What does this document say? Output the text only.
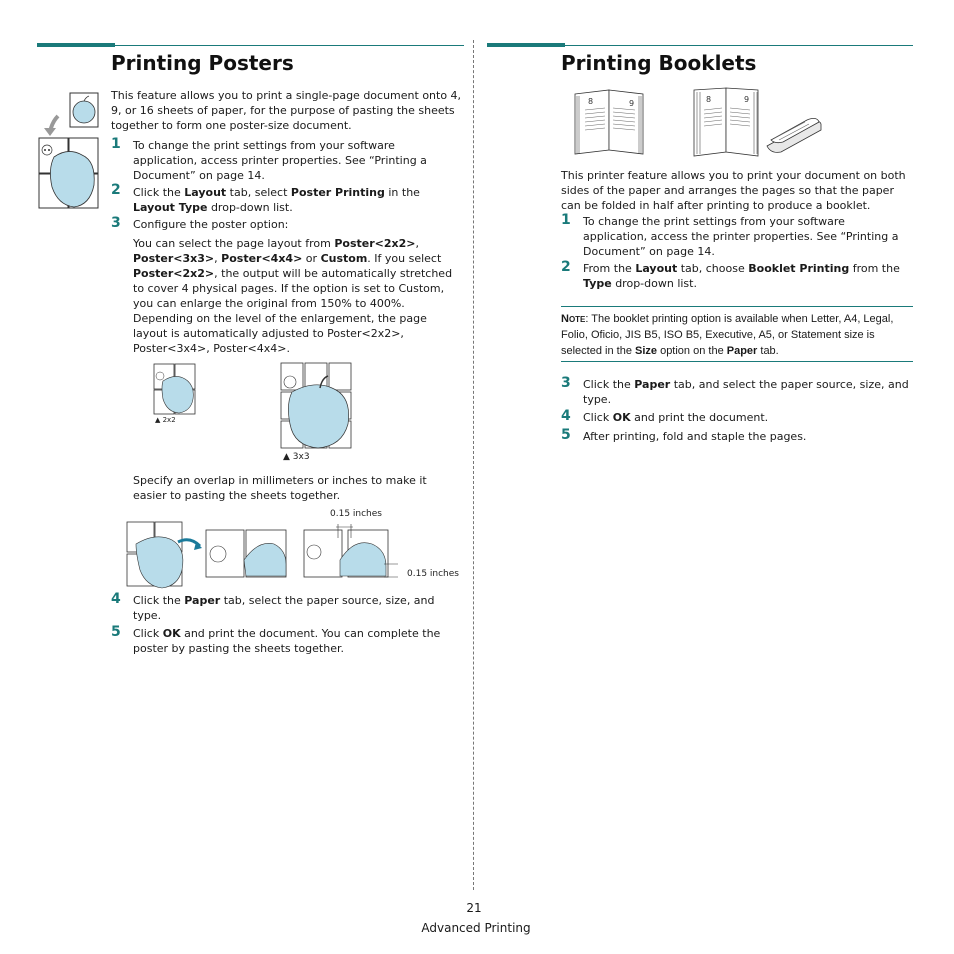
Printing Posters	Printing Booklets
This feature allows you to print a single-page document onto 4, 9, or 16 sheets of paper, for the purpose of pasting the sheets together to form one poster-size document.
1 To change the print settings from your software application, access printer properties. See “Printing a Document” on page 14.
2 Click the Layout tab, select Poster Printing in the Layout Type drop-down list.
3 Configure the poster option:
You can select the page layout from Poster<2x2>, Poster<3x3>, Poster<4x4> or Custom. If you select Poster<2x2>, the output will be automatically stretched to cover 4 physical pages. If the option is set to Custom, you can enlarge the original from 150% to 400%. Depending on the level of the enlargement, the page layout is automatically adjusted to Poster<2x2>, Poster<3x4>, Poster<4x4>.
▲ 2x2
▲ 3x3
Specify an overlap in millimeters or inches to make it easier to pasting the sheets together.
0.15 inches
0.15 inches
4 Click the Paper tab, select the paper source, size, and type.
5 Click OK and print the document. You can complete the poster by pasting the sheets together.
8	9	8	9
This printer feature allows you to print your document on both sides of the paper and arranges the pages so that the paper can be folded in half after printing to produce a booklet.
1 To change the print settings from your software application, access the printer properties. See “Printing a Document” on page 14.
2 From the Layout tab, choose Booklet Printing from the Type drop-down list.
Note: The booklet printing option is available when Letter, A4, Legal, Folio, Oficio, JIS B5, ISO B5, Executive, A5, or Statement size is selected in the Size option on the Paper tab.
3 Click the Paper tab, and select the paper source, size, and type.
4 Click OK and print the document.
5 After printing, fold and staple the pages.
21
Advanced Printing
